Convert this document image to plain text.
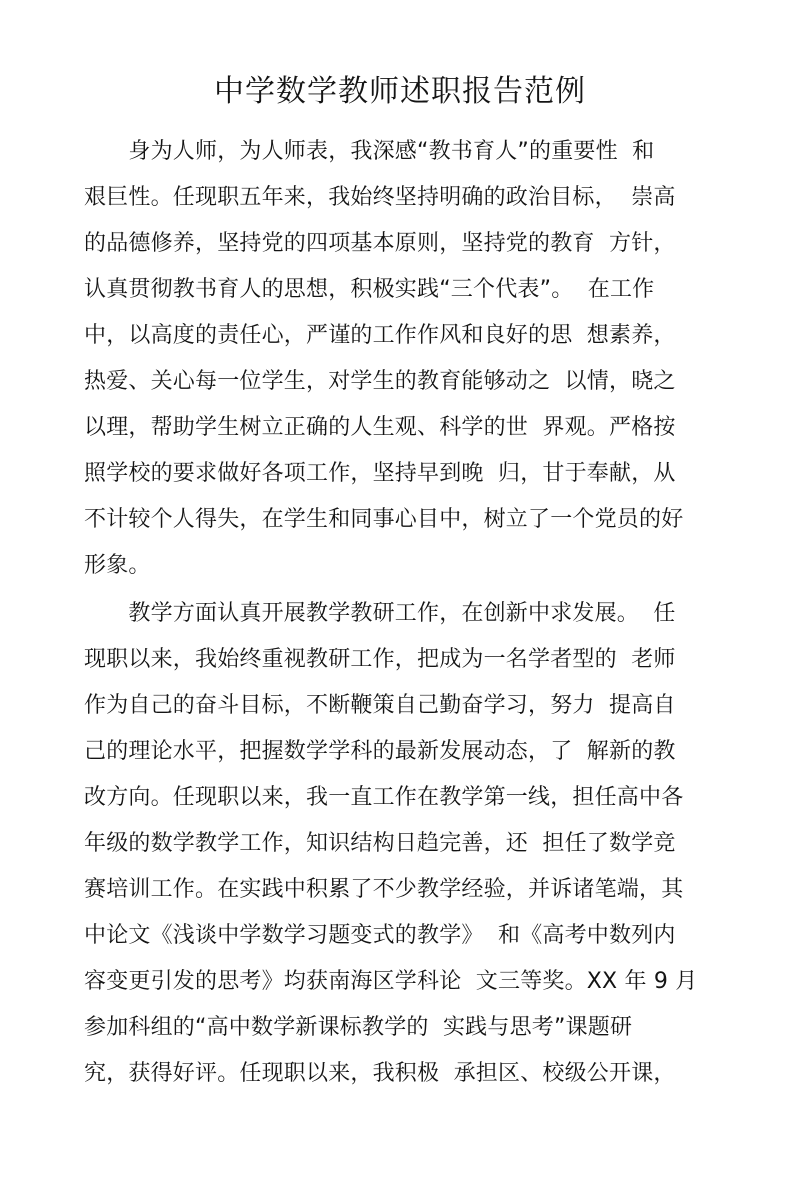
中学数学教师述职报告范例
　　身为人师，为人师表，我深感“教书育人”的重要性  和
艰巨性。任现职五年来，我始终坚持明确的政治目标，  崇高
的品德修养，坚持党的四项基本原则，坚持党的教育  方针，
认真贯彻教书育人的思想，积极实践“三个代表”。  在工作
中，以高度的责任心，严谨的工作作风和良好的思  想素养，
热爱、关心每一位学生，对学生的教育能够动之  以情，晓之
以理，帮助学生树立正确的人生观、科学的世  界观。严格按
照学校的要求做好各项工作，坚持早到晚  归，甘于奉献，从
不计较个人得失，在学生和同事心目中，树立了一个党员的好
形象。
　　教学方面认真开展教学教研工作，在创新中求发展。  任
现职以来，我始终重视教研工作，把成为一名学者型的  老师
作为自己的奋斗目标，不断鞭策自己勤奋学习，努力  提高自
己的理论水平，把握数学学科的最新发展动态，了  解新的教
改方向。任现职以来，我一直工作在教学第一线，担任高中各
年级的数学教学工作，知识结构日趋完善，还  担任了数学竞
赛培训工作。在实践中积累了不少教学经验，并诉诸笔端，其
中论文《浅谈中学数学习题变式的教学》  和《高考中数列内
容变更引发的思考》均获南海区学科论  文三等奖。XX 年 9 月
参加科组的“高中数学新课标教学的  实践与思考”课题研
究，获得好评。任现职以来，我积极  承担区、校级公开课，
